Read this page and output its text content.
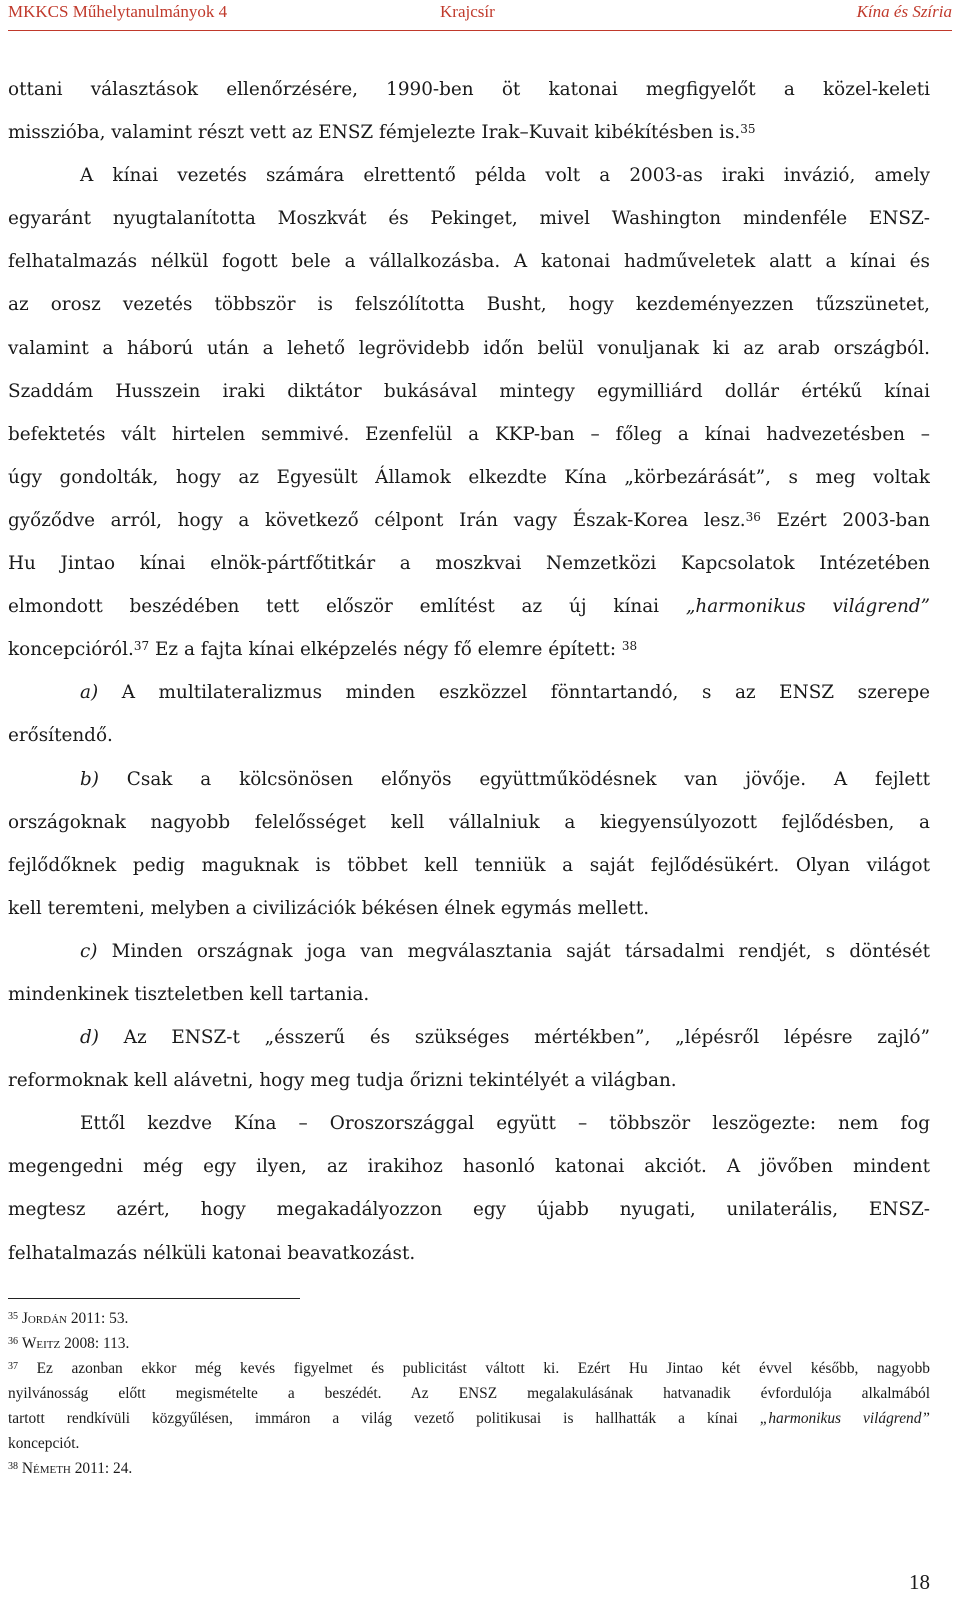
MKKCS Műhelytanulmányok 4	Krajcsír	Kína és Szíria
ottani választások ellenőrzésére, 1990-ben öt katonai megfigyelőt a közel-keleti
misszióba, valamint részt vett az ENSZ fémjelezte Irak–Kuvait kibékítésben is.$^{35}$
A kínai vezetés számára elrettentő példa volt a 2003-as iraki invázió, amely
egyaránt nyugtalanította Moszkvát és Pekinget, mivel Washington mindenféle ENSZ-
felhatalmazás nélkül fogott bele a vállalkozásba. A katonai hadműveletek alatt a kínai és
az orosz vezetés többször is felszólította Busht, hogy kezdeményezzen tűzszünetet,
valamint a háború után a lehető legrövidebb időn belül vonuljanak ki az arab országból.
Szaddám Husszein iraki diktátor bukásával mintegy egymilliárd dollár értékű kínai
befektetés vált hirtelen semmivé. Ezenfelül a KKP-ban – főleg a kínai hadvezetésben –
úgy gondolták, hogy az Egyesült Államok elkezdte Kína „körbezárását”, s meg voltak
győződve arról, hogy a következő célpont Irán vagy Észak-Korea lesz.$^{36}$ Ezért 2003-ban
Hu Jintao kínai elnök-pártfőtitkár a moszkvai Nemzetközi Kapcsolatok Intézetében
elmondott beszédében tett először említést az új kínai „harmonikus világrend”
koncepcióról.$^{37}$ Ez a fajta kínai elképzelés négy fő elemre épített: $^{38}$
a) A multilateralizmus minden eszközzel fönntartandó, s az ENSZ szerepe
erősítendő.
b) Csak a kölcsönösen előnyös együttműködésnek van jövője. A fejlett
országoknak nagyobb felelősséget kell vállalniuk a kiegyensúlyozott fejlődésben, a
fejlődőknek pedig maguknak is többet kell tenniük a saját fejlődésükért. Olyan világot
kell teremteni, melyben a civilizációk békésen élnek egymás mellett.
c) Minden országnak joga van megválasztania saját társadalmi rendjét, s döntését
mindenkinek tiszteletben kell tartania.
d) Az ENSZ-t „ésszerű és szükséges mértékben”, „lépésről lépésre zajló”
reformoknak kell alávetni, hogy meg tudja őrizni tekintélyét a világban.
Ettől kezdve Kína – Oroszországgal együtt – többször leszögezte: nem fog
megengedni még egy ilyen, az irakihoz hasonló katonai akciót. A jövőben mindent
megtesz azért, hogy megakadályozzon egy újabb nyugati, unilaterális, ENSZ-
felhatalmazás nélküli katonai beavatkozást.
$^{35}$ Jordán 2011: 53.
$^{36}$ Weitz 2008: 113.
$^{37}$ Ez azonban ekkor még kevés figyelmet és publicitást váltott ki. Ezért Hu Jintao két évvel később, nagyobb
nyilvánosság előtt megismételte a beszédét. Az ENSZ megalakulásának hatvanadik évfordulója alkalmából
tartott rendkívüli közgyűlésen, immáron a világ vezető politikusai is hallhatták a kínai „harmonikus világrend”
koncepciót.
$^{38}$ Németh 2011: 24.
18
